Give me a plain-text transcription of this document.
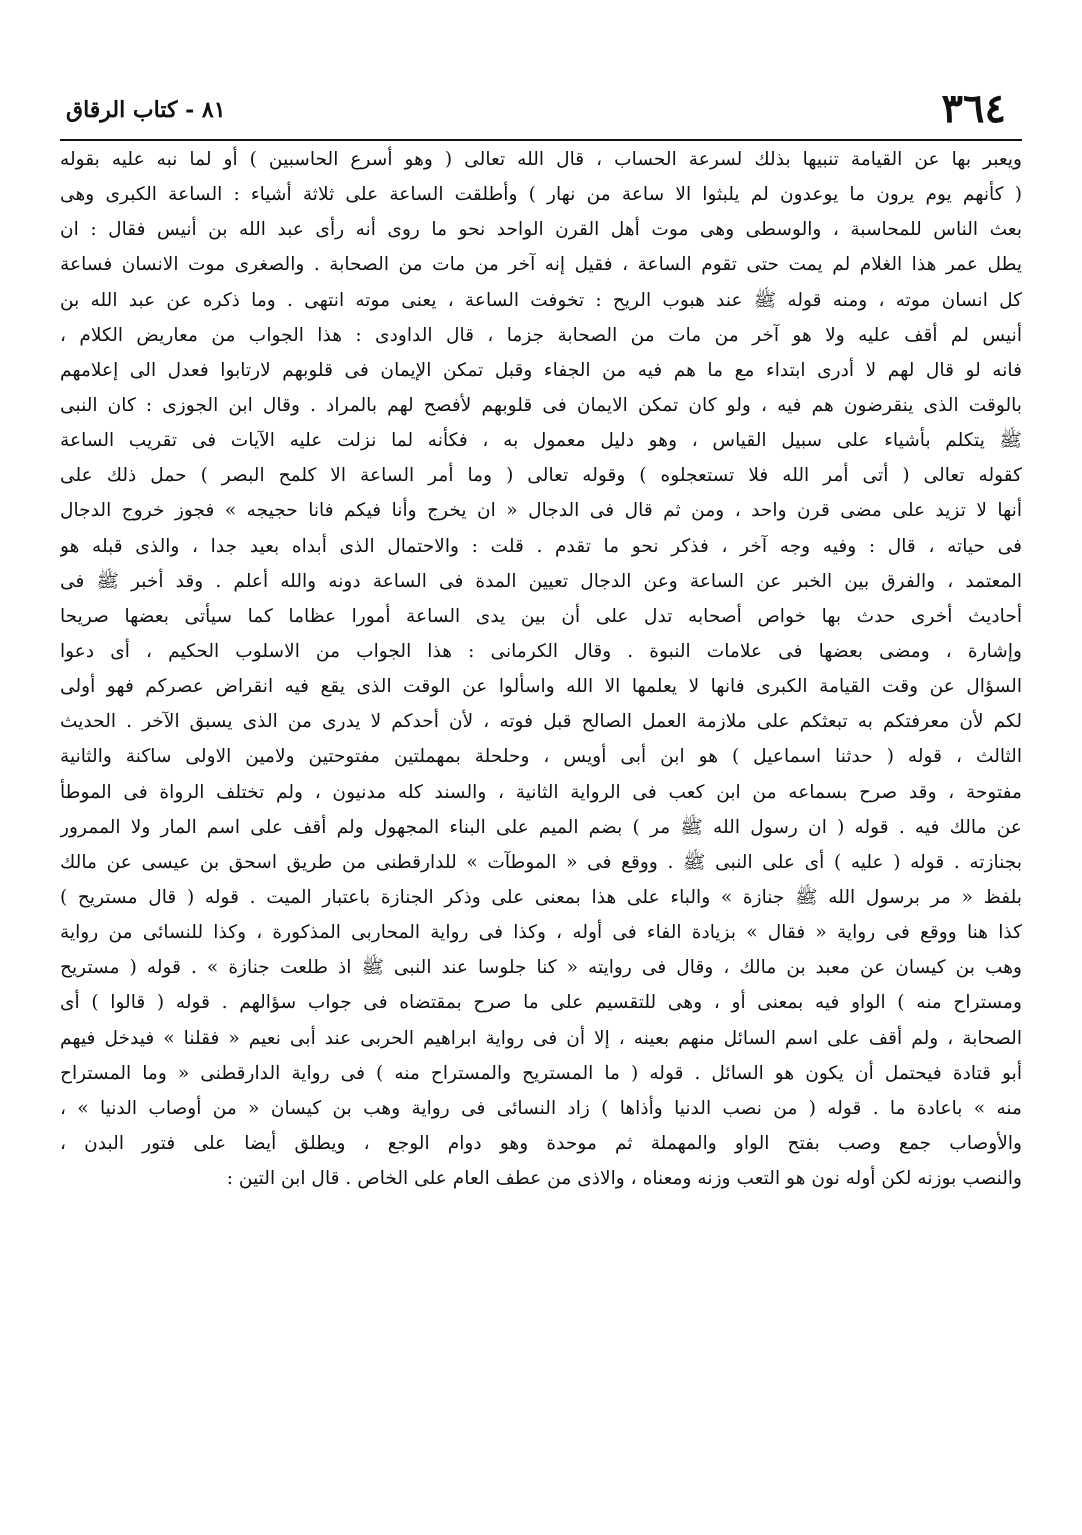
٣٦٤
٨١ - كتاب الرقاق
ويعبر بها عن القيامة تنبيها بذلك لسرعة الحساب ، قال الله تعالى ( وهو أسرع الحاسبين ) أو لما نبه عليه بقوله
( كأنهم يوم يرون ما يوعدون لم يلبثوا الا ساعة من نهار ) وأطلقت الساعة على ثلاثة أشياء : الساعة الكبرى وهى
بعث الناس للمحاسبة ، والوسطى وهى موت أهل القرن الواحد نحو ما روى أنه رأى عبد الله بن أنيس فقال : ان
يطل عمر هذا الغلام لم يمت حتى تقوم الساعة ، فقيل إنه آخر من مات من الصحابة . والصغرى موت الانسان فساعة
كل انسان موته ، ومنه قوله ﷺ عند هبوب الريح : تخوفت الساعة ، يعنى موته انتهى . وما ذكره عن عبد الله بن
أنيس لم أقف عليه ولا هو آخر من مات من الصحابة جزما ، قال الداودى : هذا الجواب من معاريض الكلام ،
فانه لو قال لهم لا أدرى ابتداء مع ما هم فيه من الجفاء وقبل تمكن الإيمان فى قلوبهم لارتابوا فعدل الى إعلامهم
بالوقت الذى ينقرضون هم فيه ، ولو كان تمكن الايمان فى قلوبهم لأفصح لهم بالمراد . وقال ابن الجوزى : كان النبى
ﷺ يتكلم بأشياء على سبيل القياس ، وهو دليل معمول به ، فكأنه لما نزلت عليه الآيات فى تقريب الساعة
كقوله تعالى ( أتى أمر الله فلا تستعجلوه ) وقوله تعالى ( وما أمر الساعة الا كلمح البصر ) حمل ذلك على
أنها لا تزيد على مضى قرن واحد ، ومن ثم قال فى الدجال « ان يخرج وأنا فيكم فانا حجيجه » فجوز خروج الدجال
فى حياته ، قال : وفيه وجه آخر ، فذكر نحو ما تقدم . قلت : والاحتمال الذى أبداه بعيد جدا ، والذى قبله هو
المعتمد ، والفرق بين الخبر عن الساعة وعن الدجال تعيين المدة فى الساعة دونه والله أعلم . وقد أخبر ﷺ فى
أحاديث أخرى حدث بها خواص أصحابه تدل على أن بين يدى الساعة أمورا عظاما كما سيأتى بعضها صريحا
وإشارة ، ومضى بعضها فى علامات النبوة . وقال الكرمانى : هذا الجواب من الاسلوب الحكيم ، أى دعوا
السؤال عن وقت القيامة الكبرى فانها لا يعلمها الا الله واسألوا عن الوقت الذى يقع فيه انقراض عصركم فهو أولى
لكم لأن معرفتكم به تبعثكم على ملازمة العمل الصالح قبل فوته ، لأن أحدكم لا يدرى من الذى يسبق الآخر . الحديث
الثالث ، قوله ( حدثنا اسماعيل ) هو ابن أبى أويس ، وحلحلة بمهملتين مفتوحتين ولامين الاولى ساكنة والثانية
مفتوحة ، وقد صرح بسماعه من ابن كعب فى الرواية الثانية ، والسند كله مدنيون ، ولم تختلف الرواة فى الموطأ
عن مالك فيه . قوله ( ان رسول الله ﷺ مر ) بضم الميم على البناء المجهول ولم أقف على اسم المار ولا الممرور
بجنازته . قوله ( عليه ) أى على النبى ﷺ . ووقع فى « الموطآت » للدارقطنى من طريق اسحق بن عيسى عن مالك
بلفظ « مر برسول الله ﷺ جنازة » والباء على هذا بمعنى على وذكر الجنازة باعتبار الميت . قوله ( قال مستريح )
كذا هنا ووقع فى رواية « فقال » بزيادة الفاء فى أوله ، وكذا فى رواية المحاربى المذكورة ، وكذا للنسائى من رواية
وهب بن كيسان عن معبد بن مالك ، وقال فى روايته « كنا جلوسا عند النبى ﷺ اذ طلعت جنازة » . قوله ( مستريح
ومستراح منه ) الواو فيه بمعنى أو ، وهى للتقسيم على ما صرح بمقتضاه فى جواب سؤالهم . قوله ( قالوا ) أى
الصحابة ، ولم أقف على اسم السائل منهم بعينه ، إلا أن فى رواية ابراهيم الحربى عند أبى نعيم « فقلنا » فيدخل فيهم
أبو قتادة فيحتمل أن يكون هو السائل . قوله ( ما المستريح والمستراح منه ) فى رواية الدارقطنى « وما المستراح
منه » باعادة ما . قوله ( من نصب الدنيا وأذاها ) زاد النسائى فى رواية وهب بن كيسان « من أوصاب الدنيا » ،
والأوصاب جمع وصب بفتح الواو والمهملة ثم موحدة وهو دوام الوجع ، ويطلق أيضا على فتور البدن ،
والنصب بوزنه لكن أوله نون هو التعب وزنه ومعناه ، والاذى من عطف العام على الخاص . قال ابن التين :
